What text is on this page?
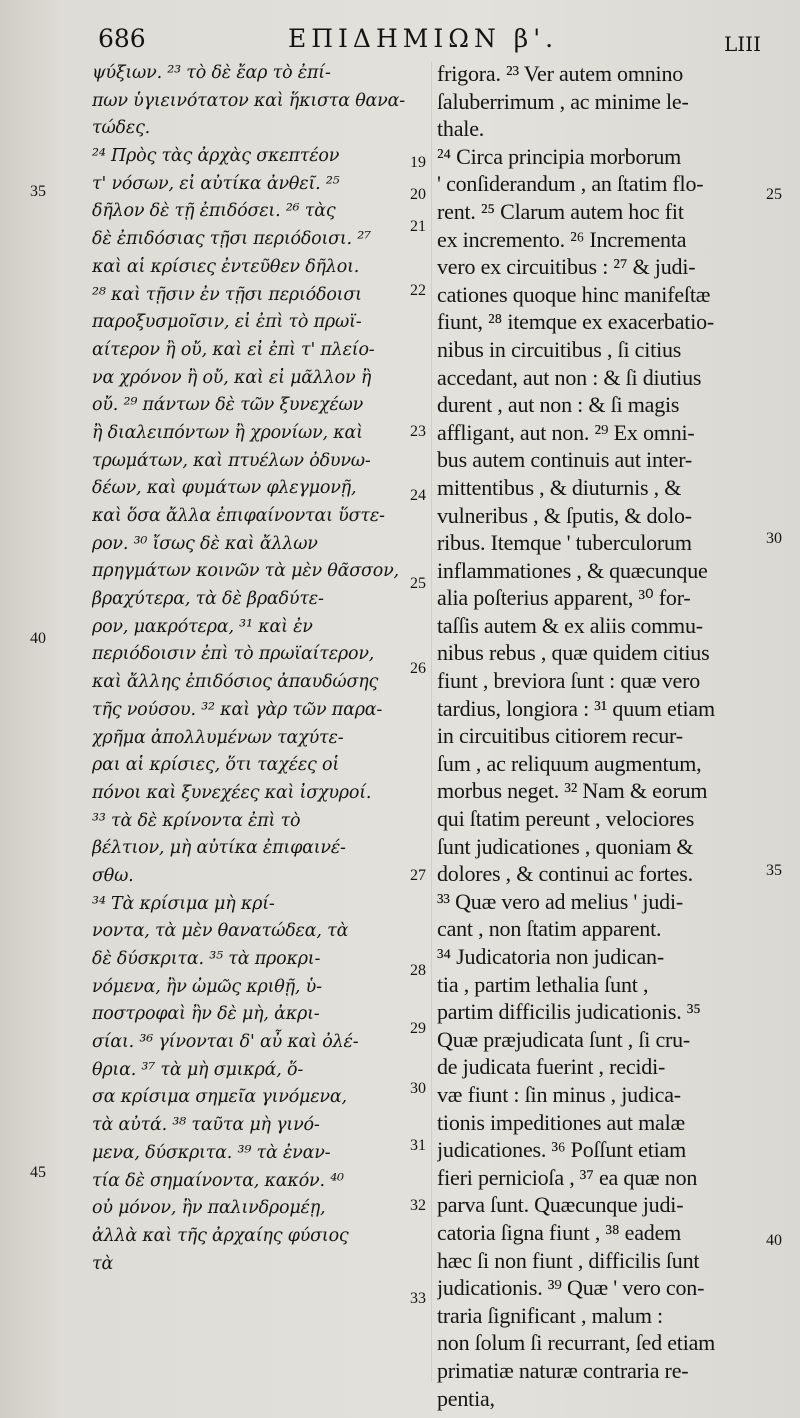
686	ΕΠΙΔΗΜΙΩΝ β'.	LIII
ψύξιων. ²³ τὸ δὲ ἔαρ τὸ ἐπί-
πων ὑγιεινότατον καὶ ἥκιστα θανα-
τώδες.
²⁴ Πρὸς τὰς ἀρχὰς σκεπτέον
τ' νόσων, εἰ αὐτίκα ἀνθεῖ. ²⁵
δῆλον δὲ τῇ ἐπιδόσει. ²⁶ τὰς
δὲ ἐπιδόσιας τῇσι περιόδοισι. ²⁷
καὶ αἱ κρίσιες ἐντεῦθεν δῆλοι.
²⁸ καὶ τῇσιν ἐν τῇσι περιόδοισι
παροξυσμοῖσιν, εἰ ἐπὶ τὸ πρωϊ-
αίτερον ἢ οὔ, καὶ εἰ ἐπὶ τ' πλείο-
να χρόνον ἢ οὔ, καὶ εἰ μᾶλλον ἢ
οὔ. ²⁹ πάντων δὲ τῶν ξυνεχέων
ἢ διαλειπόντων ἢ χρονίων, καὶ
τρωμάτων, καὶ πτυέλων ὀδυνω-
δέων, καὶ φυμάτων φλεγμονῇ,
καὶ ὅσα ἄλλα ἐπιφαίνονται ὕστε-
ρον. ³⁰ ἴσως δὲ καὶ ἄλλων
πρηγμάτων κοινῶν τὰ μὲν θᾶσσον,
βραχύτερα, τὰ δὲ βραδύτε-
ρον, μακρότερα, ³¹ καὶ ἐν
περιόδοισιν ἐπὶ τὸ πρωϊαίτερον,
καὶ ἄλλης ἐπιδόσιος ἀπαυδώσης
τῆς νούσου. ³² καὶ γὰρ τῶν παρα-
χρῆμα ἀπολλυμένων ταχύτε-
ραι αἱ κρίσιες, ὅτι ταχέες οἱ
πόνοι καὶ ξυνεχέες καὶ ἰσχυροί.
³³ τὰ δὲ κρίνοντα ἐπὶ τὸ
βέλτιον, μὴ αὐτίκα ἐπιφαινέ-
σθω.
³⁴ Τὰ κρίσιμα μὴ κρί-
νοντα, τὰ μὲν θανατώδεα, τὰ
δὲ δύσκριτα. ³⁵ τὰ προκρι-
νόμενα, ἢν ὠμῶς κριθῇ, ὑ-
ποστροφαὶ ἢν δὲ μὴ, ἀκρι-
σίαι. ³⁶ γίνονται δ' αὖ καὶ ὀλέ-
θρια. ³⁷ τὰ μὴ σμικρά, ὅ-
σα κρίσιμα σημεῖα γινόμενα,
τὰ αὐτά. ³⁸ ταῦτα μὴ γινό-
μενα, δύσκριτα. ³⁹ τὰ ἐναν-
τία δὲ σημαίνοντα, κακόν. ⁴⁰
οὐ μόνον, ἢν παλινδρομέῃ,
ἀλλὰ καὶ τῆς ἀρχαίης φύσιος
τὰ
frigora. ²³ Ver autem omnino
ſaluberrimum , ac minime le-
thale.
²⁴ Circa principia morborum
' conſiderandum , an ſtatim flo-
rent. ²⁵ Clarum autem hoc fit
ex incremento. ²⁶ Incrementa
vero ex circuitibus : ²⁷ & judi-
cationes quoque hinc manifeſtæ
fiunt, ²⁸ itemque ex exacerbatio-
nibus in circuitibus , ſi citius
accedant, aut non : & ſi diutius
durent , aut non : & ſi magis
affligant, aut non. ²⁹ Ex omni-
bus autem continuis aut inter-
mittentibus , & diuturnis , &
vulneribus , & ſputis, & dolo-
ribus. Itemque ' tuberculorum
inflammationes , & quæcunque
alia poſterius apparent, ³⁰ for-
taſſis autem & ex aliis commu-
nibus rebus , quæ quidem citius
fiunt , breviora ſunt : quæ vero
tardius, longiora : ³¹ quum etiam
in circuitibus citiorem recur-
ſum , ac reliquum augmentum,
morbus neget. ³² Nam & eorum
qui ſtatim pereunt , velociores
ſunt judicationes , quoniam &
dolores , & continui ac fortes.
³³ Quæ vero ad melius ' judi-
cant , non ſtatim apparent.
³⁴ Judicatoria non judican-
tia , partim lethalia ſunt ,
partim difficilis judicationis. ³⁵
Quæ præjudicata ſunt , ſi cru-
de judicata fuerint , recidi-
væ fiunt : ſin minus , judica-
tionis impeditiones aut malæ
judicationes. ³⁶ Poſſunt etiam
fieri pernicioſa , ³⁷ ea quæ non
parva ſunt. Quæcunque judi-
catoria ſigna fiunt , ³⁸ eadem
hæc ſi non fiunt , difficilis ſunt
judicationis. ³⁹ Quæ ' vero con-
traria ſignificant , malum :
non ſolum ſi recurrant, ſed etiam
primatiæ naturæ contraria re-
pentia,
19
20
21
22
23
24
25
26
27
28
29
30
31
32
33
35
40
45
25
30
35
40
